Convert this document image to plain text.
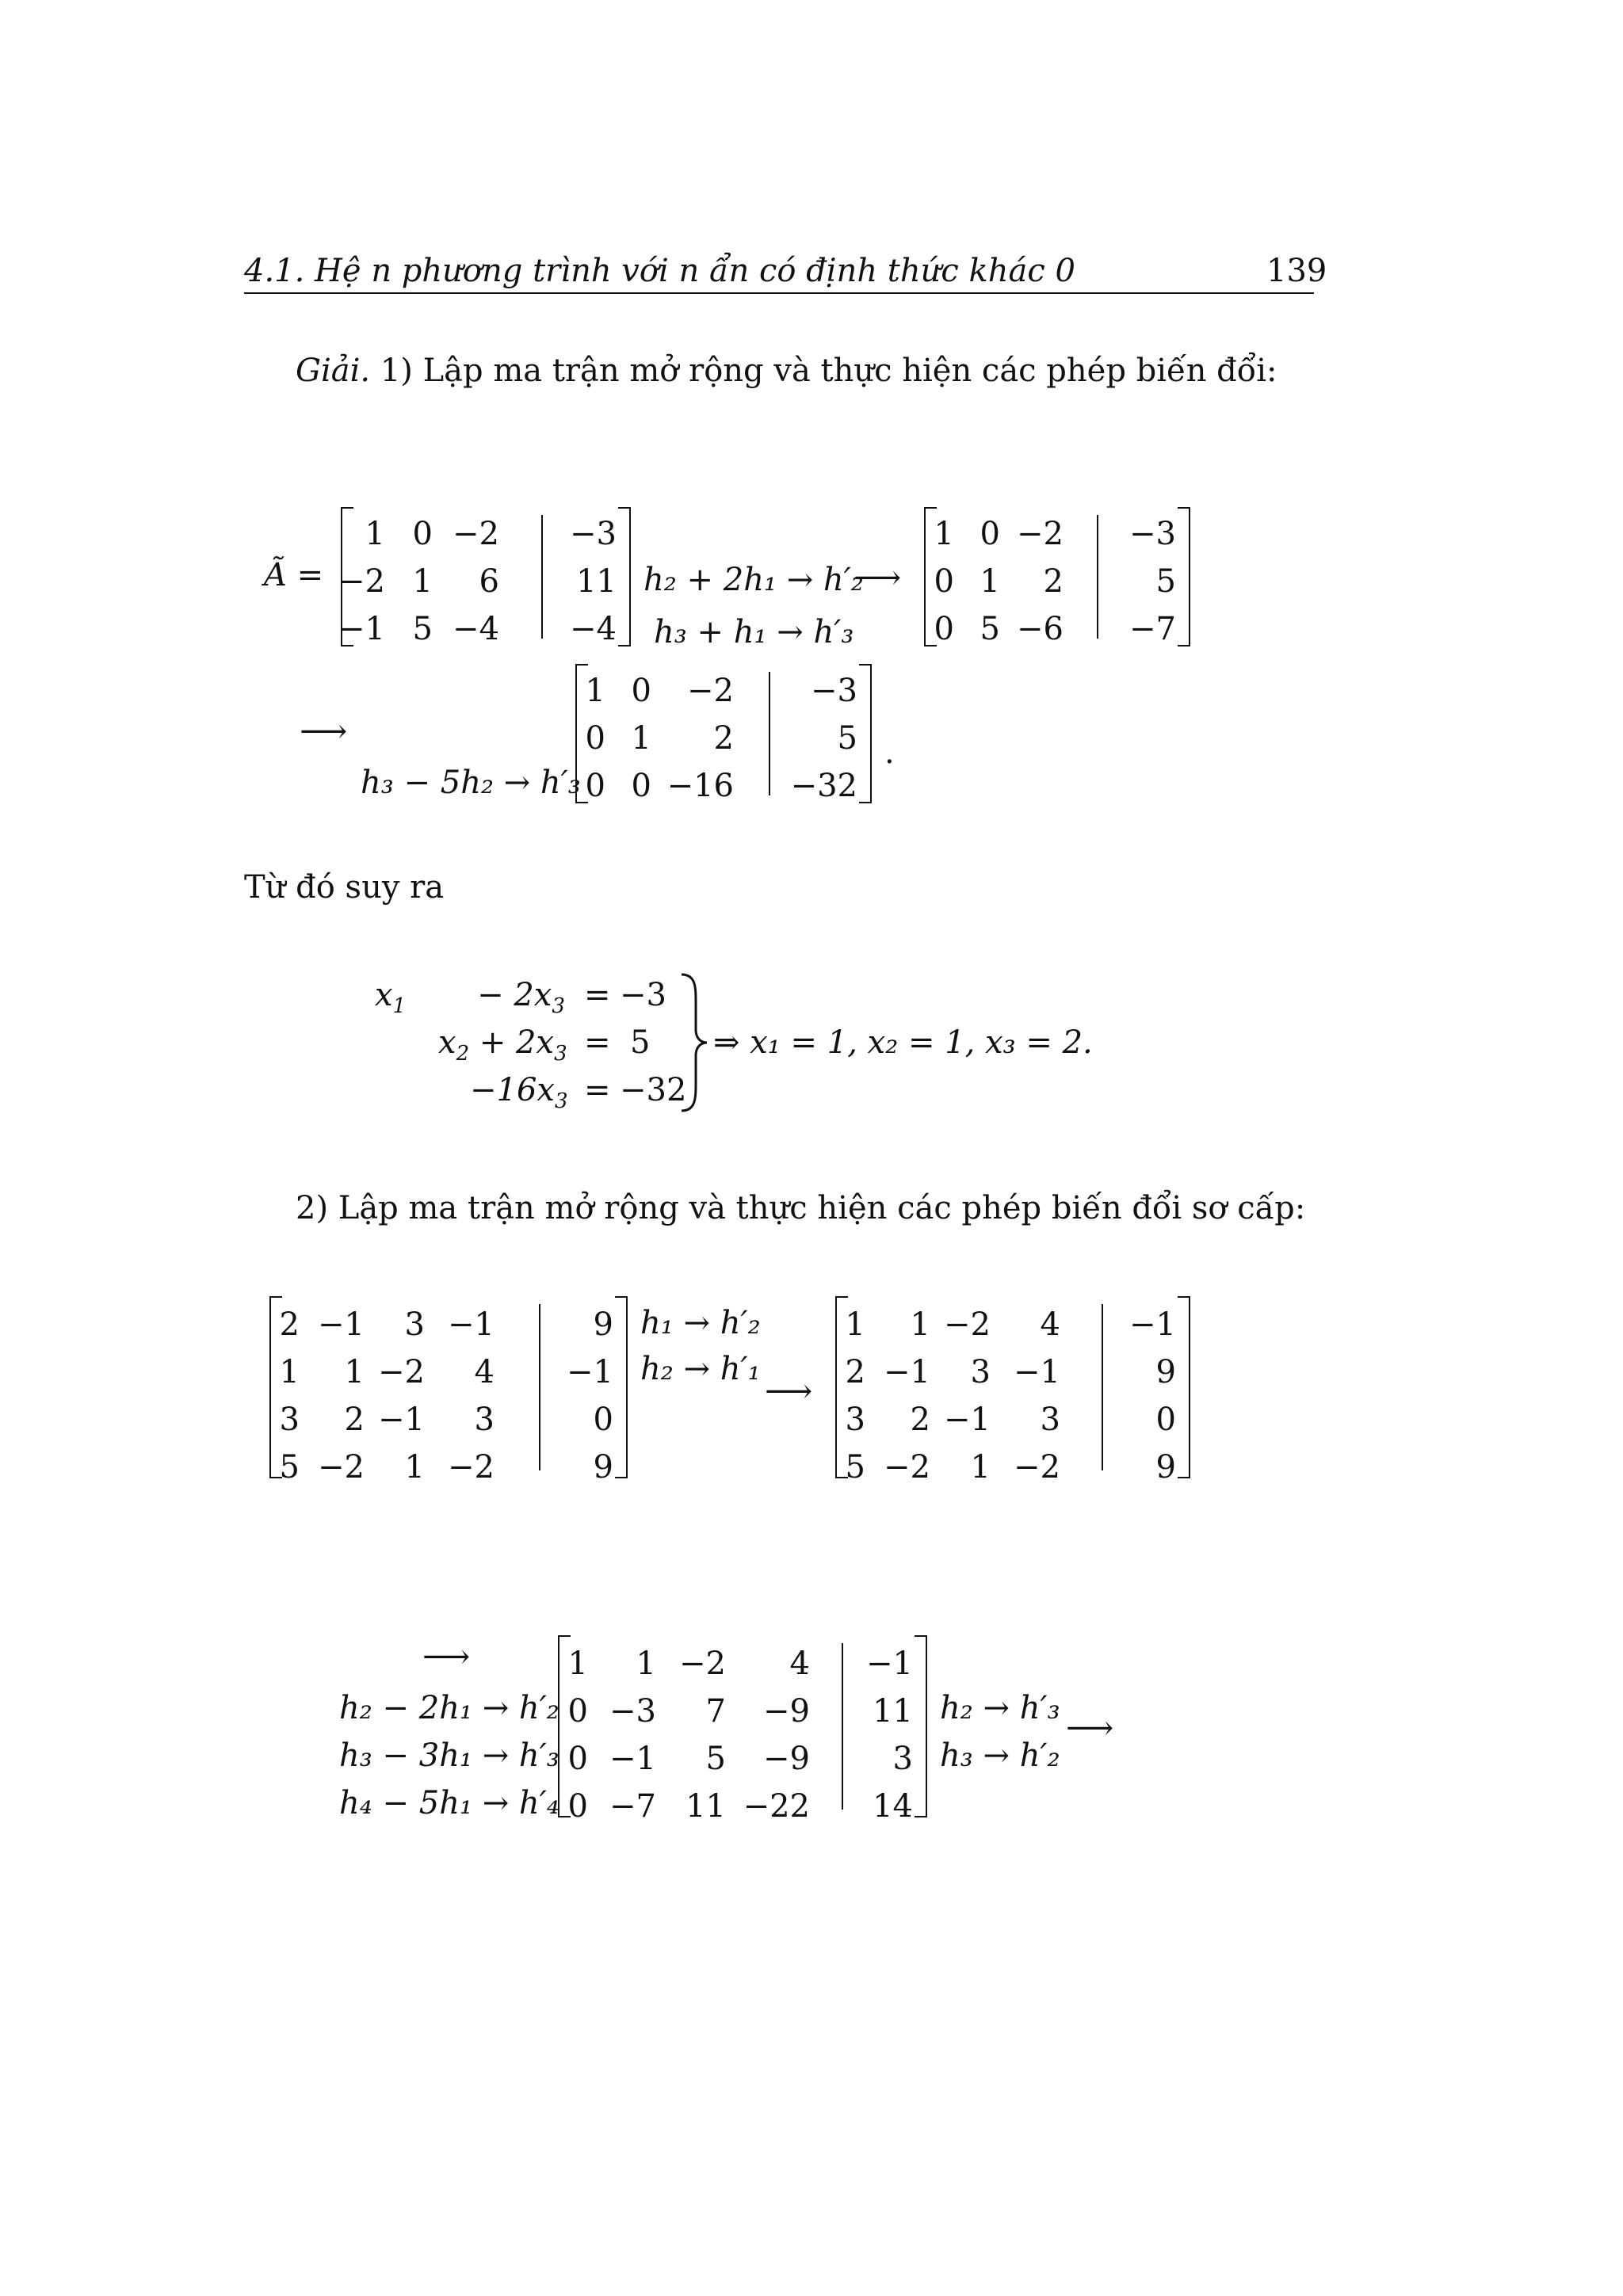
4.1. Hệ n phương trình với n ẩn có định thức khác 0	139
Giải. 1) Lập ma trận mở rộng và thực hiện các phép biến đổi:
Ã =
1 0 −2 −3
−2 1 6 11
−1 5 −4 −4
h₂ + 2h₁ → h′₂
h₃ + h₁ → h′₃
⟶
1 0 −2 −3
0 1 2	5
0 5 −6 −7
⟶
h₃ − 5h₂ → h′₃
1 0 −2 −3
0 1 2	5
0 0 −16 −32
.
Từ đó suy ra
$x_1 - 2x_3 = -3$
$x_2 + 2x_3 = 5$
$-16x_3 = -32$
⇒ x₁ = 1, x₂ = 1, x₃ = 2.
2) Lập ma trận mở rộng và thực hiện các phép biến đổi sơ cấp:
2 −1 3 −1	9
1 1 −2 4 −1
3 2 −1 3	0
5 −2 1 −2	9
h₁ → h′₂
h₂ → h′₁
⟶
1 1 −2 4 −1
2 −1 3 −1	9
3 2 −1 3	0
5 −2 1 −2	9
⟶
h₂ − 2h₁ → h′₂
h₃ − 3h₁ → h′₃
h₄ − 5h₁ → h′₄
1 1 −2 4 −1
0 −3 7 −9 11
0 −1 5 −9	3
0 −7 11 −22 14
h₂ → h′₃
h₃ → h′₂
⟶
